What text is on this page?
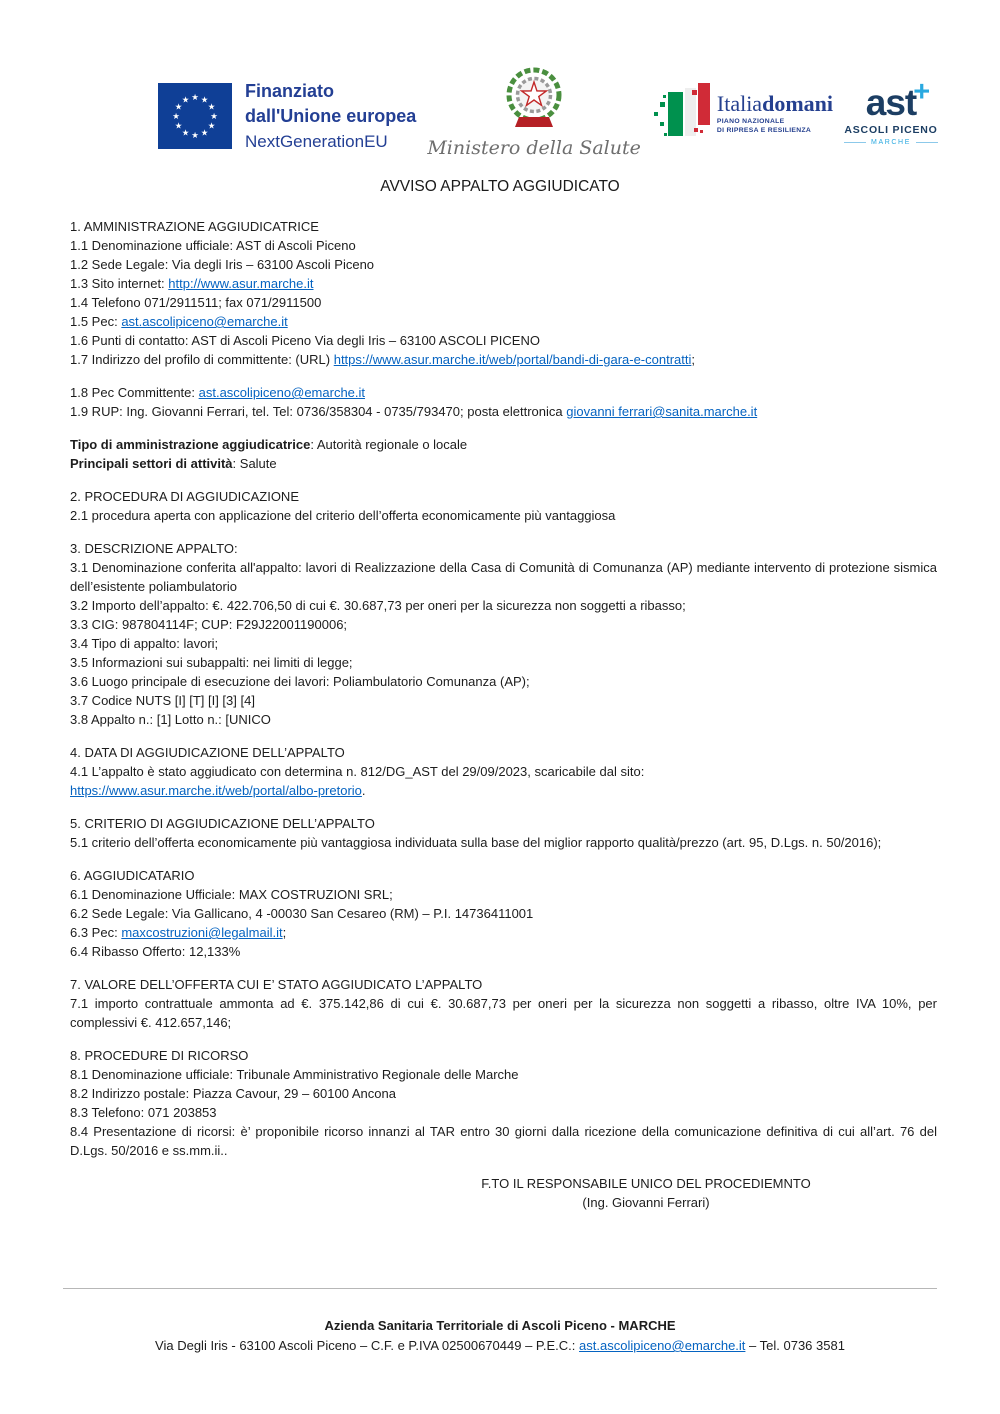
★ ★
★
★
★
★
★
★
★
★
★
★	Finanziato
dall'Unione europea
NextGenerationEU	Ministero della Salute
Italiadomani
PIANO NAZIONALE
DI RIPRESA E RESILIENZA
ast
+
ASCOLI PICENO
MARCHE
AVVISO APPALTO AGGIUDICATO
1. AMMINISTRAZIONE AGGIUDICATRICE
1.1 Denominazione ufficiale: AST di Ascoli Piceno
1.2 Sede Legale: Via degli Iris – 63100 Ascoli Piceno
1.3 Sito internet: http://www.asur.marche.it
1.4 Telefono 071/2911511; fax 071/2911500
1.5 Pec: ast.ascolipiceno@emarche.it
1.6 Punti di contatto: AST di Ascoli Piceno Via degli Iris – 63100 ASCOLI PICENO
1.7 Indirizzo del profilo di committente: (URL) https://www.asur.marche.it/web/portal/bandi-di-gara-e-contratti;
1.8 Pec Committente: ast.ascolipiceno@emarche.it
1.9 RUP: Ing. Giovanni Ferrari, tel. Tel: 0736/358304 - 0735/793470; posta elettronica giovanni ferrari@sanita.marche.it
Tipo di amministrazione aggiudicatrice: Autorità regionale o locale
Principali settori di attività: Salute
2. PROCEDURA DI AGGIUDICAZIONE
2.1 procedura aperta con applicazione del criterio dell’offerta economicamente più vantaggiosa
3. DESCRIZIONE APPALTO:
3.1 Denominazione conferita all'appalto: lavori di Realizzazione della Casa di Comunità di Comunanza (AP) mediante intervento di protezione sismica dell’esistente poliambulatorio
3.2 Importo dell’appalto: €. 422.706,50 di cui €. 30.687,73 per oneri per la sicurezza non soggetti a ribasso;
3.3 CIG: 987804114F; CUP: F29J22001190006;
3.4 Tipo di appalto: lavori;
3.5 Informazioni sui subappalti: nei limiti di legge;
3.6 Luogo principale di esecuzione dei lavori: Poliambulatorio Comunanza (AP);
3.7 Codice NUTS [I] [T] [I] [3] [4]
3.8 Appalto n.: [1] Lotto n.: [UNICO
4. DATA DI AGGIUDICAZIONE DELL’APPALTO
4.1 L’appalto è stato aggiudicato con determina n. 812/DG_AST del 29/09/2023, scaricabile dal sito:
https://www.asur.marche.it/web/portal/albo-pretorio.
5. CRITERIO DI AGGIUDICAZIONE DELL’APPALTO
5.1 criterio dell’offerta economicamente più vantaggiosa individuata sulla base del miglior rapporto qualità/prezzo (art. 95, D.Lgs. n. 50/2016);
6. AGGIUDICATARIO
6.1 Denominazione Ufficiale: MAX COSTRUZIONI SRL;
6.2 Sede Legale: Via Gallicano, 4 -00030 San Cesareo (RM) – P.I. 14736411001
6.3 Pec: maxcostruzioni@legalmail.it;
6.4 Ribasso Offerto: 12,133%
7. VALORE DELL’OFFERTA CUI E’ STATO AGGIUDICATO L’APPALTO
7.1 importo contrattuale ammonta ad €. 375.142,86 di cui €. 30.687,73 per oneri per la sicurezza non soggetti a ribasso, oltre IVA 10%, per complessivi €. 412.657,146;
8. PROCEDURE DI RICORSO
8.1 Denominazione ufficiale: Tribunale Amministrativo Regionale delle Marche
8.2 Indirizzo postale: Piazza Cavour, 29 – 60100 Ancona
8.3 Telefono: 071 203853
8.4 Presentazione di ricorsi: è’ proponibile ricorso innanzi al TAR entro 30 giorni dalla ricezione della comunicazione definitiva di cui all’art. 76 del D.Lgs. 50/2016 e ss.mm.ii..
F.TO IL RESPONSABILE UNICO DEL PROCEDIEMNTO
(Ing. Giovanni Ferrari)
Azienda Sanitaria Territoriale di Ascoli Piceno - MARCHE
Via Degli Iris - 63100 Ascoli Piceno – C.F. e P.IVA 02500670449 – P.E.C.: ast.ascolipiceno@emarche.it – Tel. 0736 3581
